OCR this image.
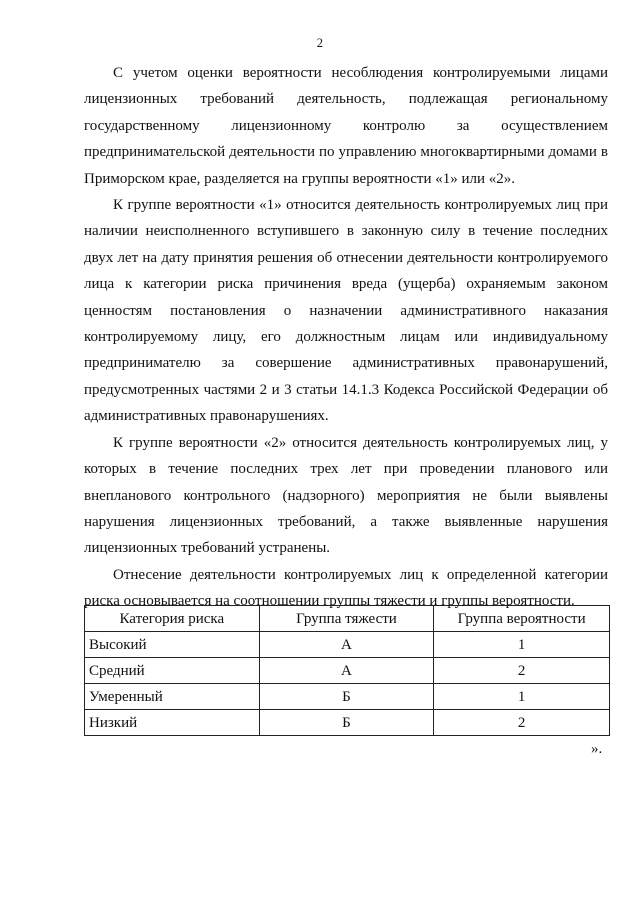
2

С учетом оценки вероятности несоблюдения контролируемыми лицами лицензионных требований деятельность, подлежащая региональному государственному лицензионному контролю за осуществлением предпринимательской деятельности по управлению многоквартирными домами в Приморском крае, разделяется на группы вероятности «1» или «2».

К группе вероятности «1» относится деятельность контролируемых лиц при наличии неисполненного вступившего в законную силу в течение последних двух лет на дату принятия решения об отнесении деятельности контролируемого лица к категории риска причинения вреда (ущерба) охраняемым законом ценностям постановления о назначении административного наказания контролируемому лицу, его должностным лицам или индивидуальному предпринимателю за совершение административных правонарушений, предусмотренных частями 2 и 3 статьи 14.1.3 Кодекса Российской Федерации об административных правонарушениях.

К группе вероятности «2» относится деятельность контролируемых лиц, у которых в течение последних трех лет при проведении планового или внепланового контрольного (надзорного) мероприятия не были выявлены нарушения лицензионных требований, а также выявленные нарушения лицензионных требований устранены.

Отнесение деятельности контролируемых лиц к определенной категории риска основывается на соотношении группы тяжести и группы вероятности.

Категория риска	Группа тяжести	Группа вероятности
Высокий	А	1
Средний	А	2
Умеренный	Б	1
Низкий	Б	2
».
